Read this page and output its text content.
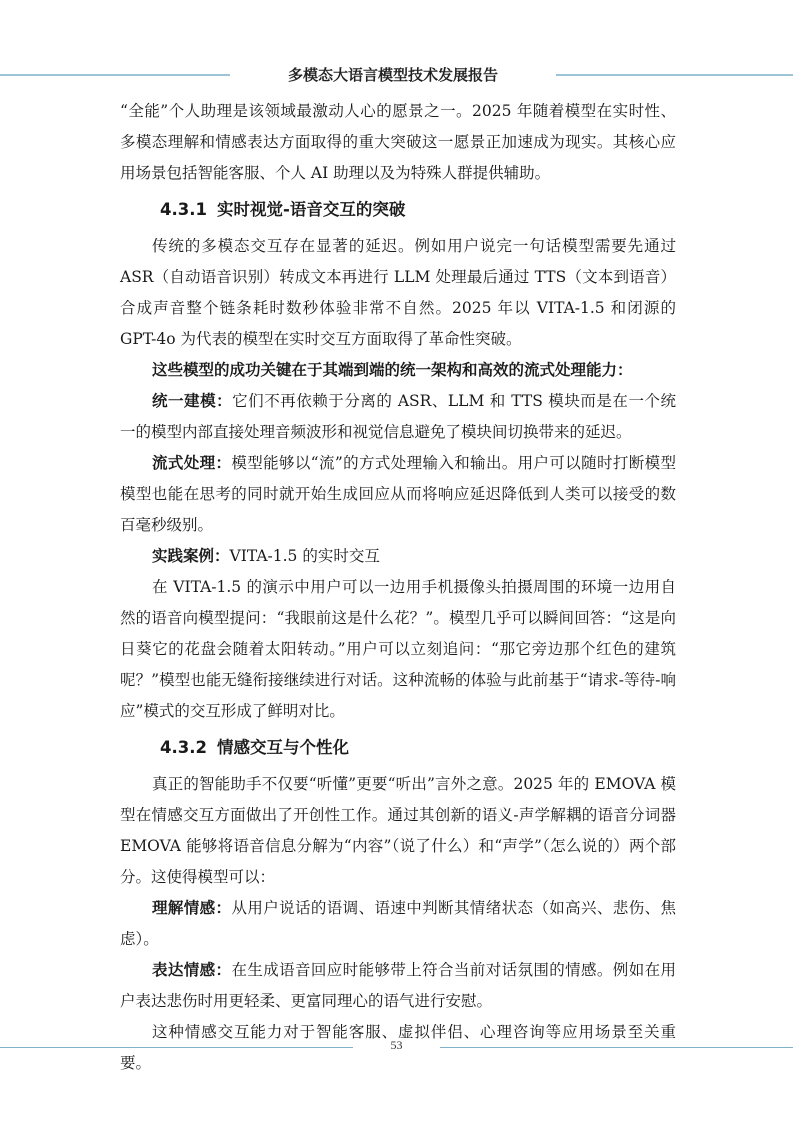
多模态大语言模型技术发展报告

“全能”个人助理是该领域最激动人心的愿景之一。2025 年随着模型在实时性、多模态理解和情感表达方面取得的重大突破这一愿景正加速成为现实。其核心应用场景包括智能客服、个人 AI 助理以及为特殊人群提供辅助。

4.3.1 实时视觉-语音交互的突破

传统的多模态交互存在显著的延迟。例如用户说完一句话模型需要先通过 ASR（自动语音识别）转成文本再进行 LLM 处理最后通过 TTS（文本到语音）合成声音整个链条耗时数秒体验非常不自然。2025 年以 VITA-1.5 和闭源的 GPT-4o 为代表的模型在实时交互方面取得了革命性突破。

这些模型的成功关键在于其端到端的统一架构和高效的流式处理能力：

统一建模：它们不再依赖于分离的 ASR、LLM 和 TTS 模块而是在一个统一的模型内部直接处理音频波形和视觉信息避免了模块间切换带来的延迟。

流式处理：模型能够以“流”的方式处理输入和输出。用户可以随时打断模型模型也能在思考的同时就开始生成回应从而将响应延迟降低到人类可以接受的数百毫秒级别。

实践案例：VITA-1.5 的实时交互

在 VITA-1.5 的演示中用户可以一边用手机摄像头拍摄周围的环境一边用自然的语音向模型提问：“我眼前这是什么花？”。模型几乎可以瞬间回答：“这是向日葵它的花盘会随着太阳转动。”用户可以立刻追问：“那它旁边那个红色的建筑呢？”模型也能无缝衔接继续进行对话。这种流畅的体验与此前基于“请求-等待-响应”模式的交互形成了鲜明对比。

4.3.2 情感交互与个性化

真正的智能助手不仅要“听懂”更要“听出”言外之意。2025 年的 EMOVA 模型在情感交互方面做出了开创性工作。通过其创新的语义-声学解耦的语音分词器 EMOVA 能够将语音信息分解为“内容”（说了什么）和“声学”（怎么说的）两个部分。这使得模型可以：

理解情感：从用户说话的语调、语速中判断其情绪状态（如高兴、悲伤、焦虑）。

表达情感：在生成语音回应时能够带上符合当前对话氛围的情感。例如在用户表达悲伤时用更轻柔、更富同理心的语气进行安慰。

这种情感交互能力对于智能客服、虚拟伴侣、心理咨询等应用场景至关重要。

53
